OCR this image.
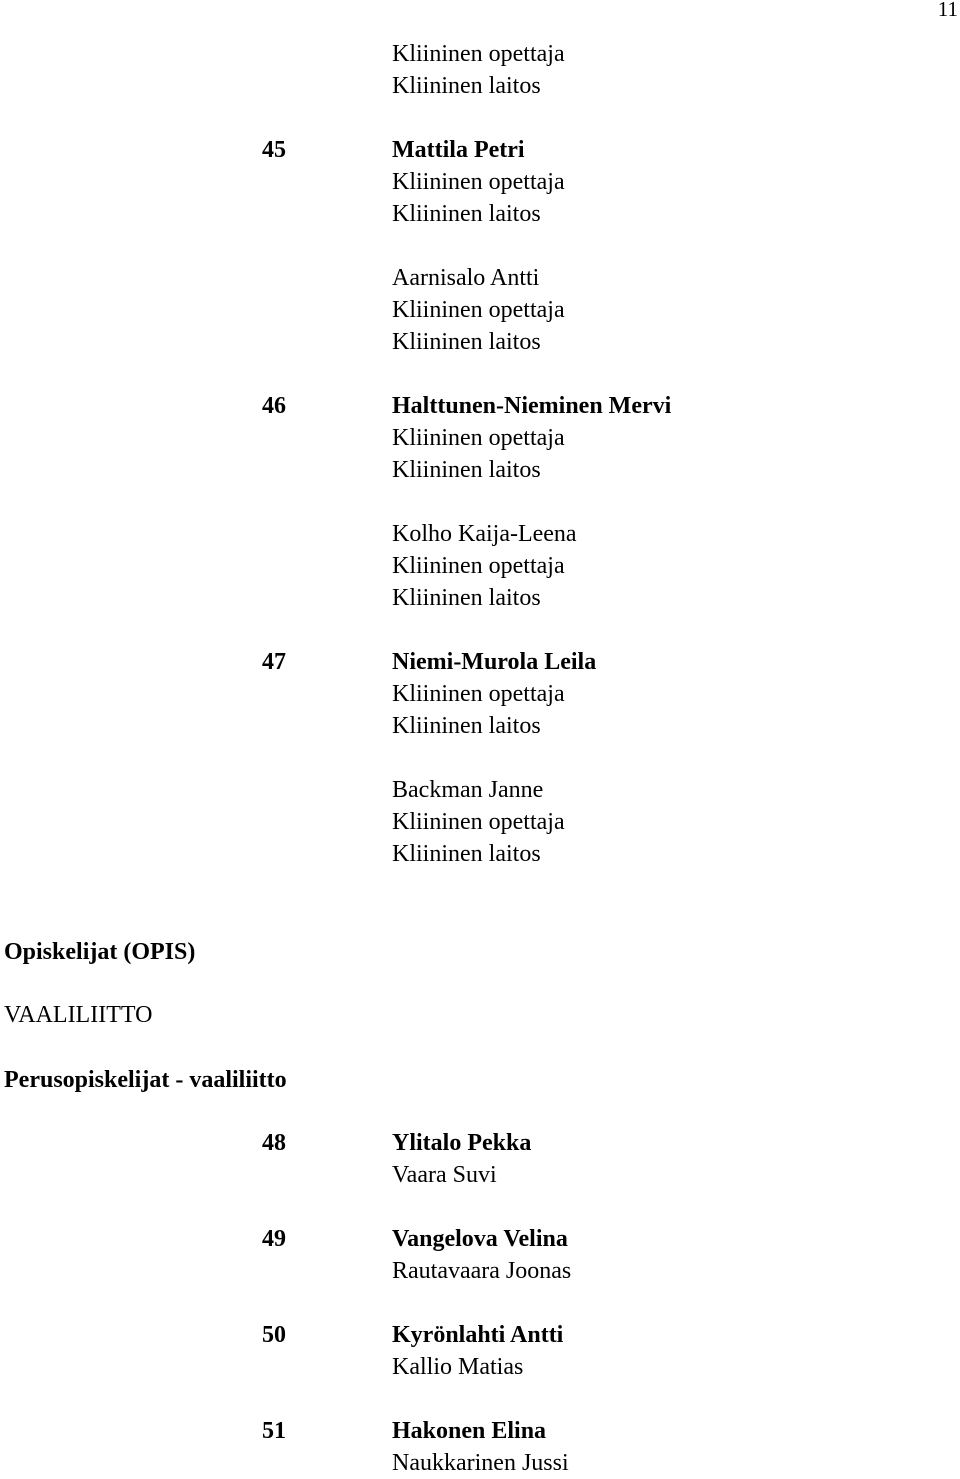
11
Kliininen opettaja
Kliininen laitos
45	Mattila Petri
Kliininen opettaja
Kliininen laitos
Aarnisalo Antti
Kliininen opettaja
Kliininen laitos
46	Halttunen-Nieminen Mervi
Kliininen opettaja
Kliininen laitos
Kolho Kaija-Leena
Kliininen opettaja
Kliininen laitos
47	Niemi-Murola Leila
Kliininen opettaja
Kliininen laitos
Backman Janne
Kliininen opettaja
Kliininen laitos
Opiskelijat (OPIS)
VAALILIITTO
Perusopiskelijat - vaaliliitto
48	Ylitalo Pekka
Vaara Suvi
49	Vangelova Velina
Rautavaara Joonas
50	Kyrönlahti Antti
Kallio Matias
51	Hakonen Elina
Naukkarinen Jussi
